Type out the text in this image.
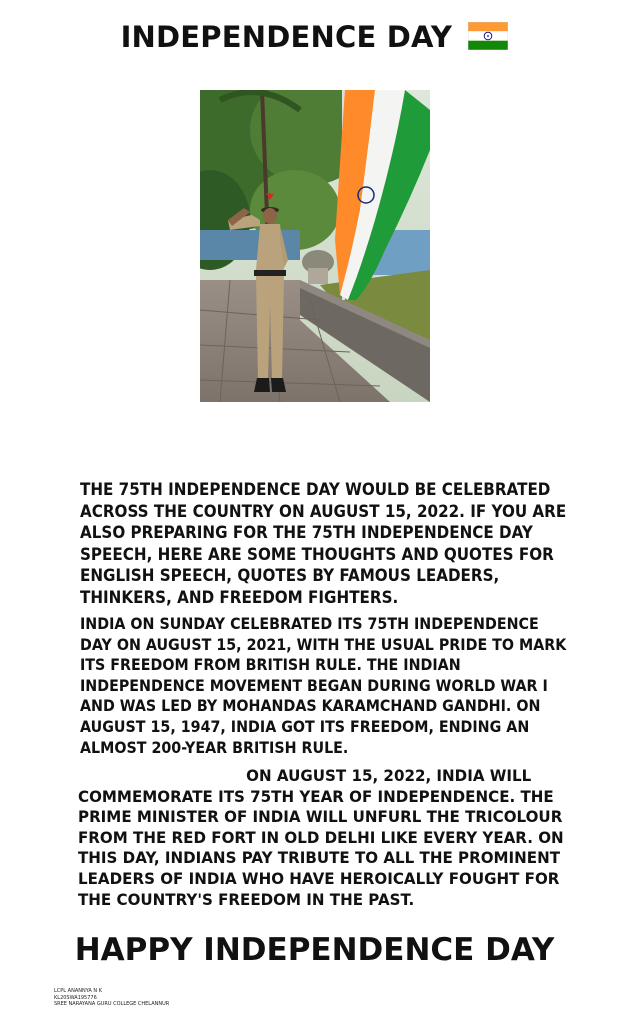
INDEPENDENCE DAY

THE 75TH INDEPENDENCE DAY WOULD BE CELEBRATED
ACROSS THE COUNTRY ON AUGUST 15, 2022. IF YOU ARE
ALSO PREPARING FOR THE 75TH INDEPENDENCE DAY
SPEECH, HERE ARE SOME THOUGHTS AND QUOTES FOR
ENGLISH SPEECH, QUOTES BY FAMOUS LEADERS,
THINKERS, AND FREEDOM FIGHTERS.

INDIA ON SUNDAY CELEBRATED ITS 75TH INDEPENDENCE
DAY ON AUGUST 15, 2021, WITH THE USUAL PRIDE TO MARK
ITS FREEDOM FROM BRITISH RULE. THE INDIAN
INDEPENDENCE MOVEMENT BEGAN DURING WORLD WAR I
AND WAS LED BY MOHANDAS KARAMCHAND GANDHI. ON
AUGUST 15, 1947, INDIA GOT ITS FREEDOM, ENDING AN
ALMOST 200-YEAR BRITISH RULE.

ON AUGUST 15, 2022, INDIA WILL
COMMEMORATE ITS 75TH YEAR OF INDEPENDENCE. THE
PRIME MINISTER OF INDIA WILL UNFURL THE TRICOLOUR
FROM THE RED FORT IN OLD DELHI LIKE EVERY YEAR. ON
THIS DAY, INDIANS PAY TRIBUTE TO ALL THE PROMINENT
LEADERS OF INDIA WHO HAVE HEROICALLY FOUGHT FOR
THE COUNTRY'S FREEDOM IN THE PAST.

HAPPY INDEPENDENCE DAY
LCPL ANANNYA N K
KL20SWA195776
SREE NARAYANA GURU COLLEGE CHELANNUR
